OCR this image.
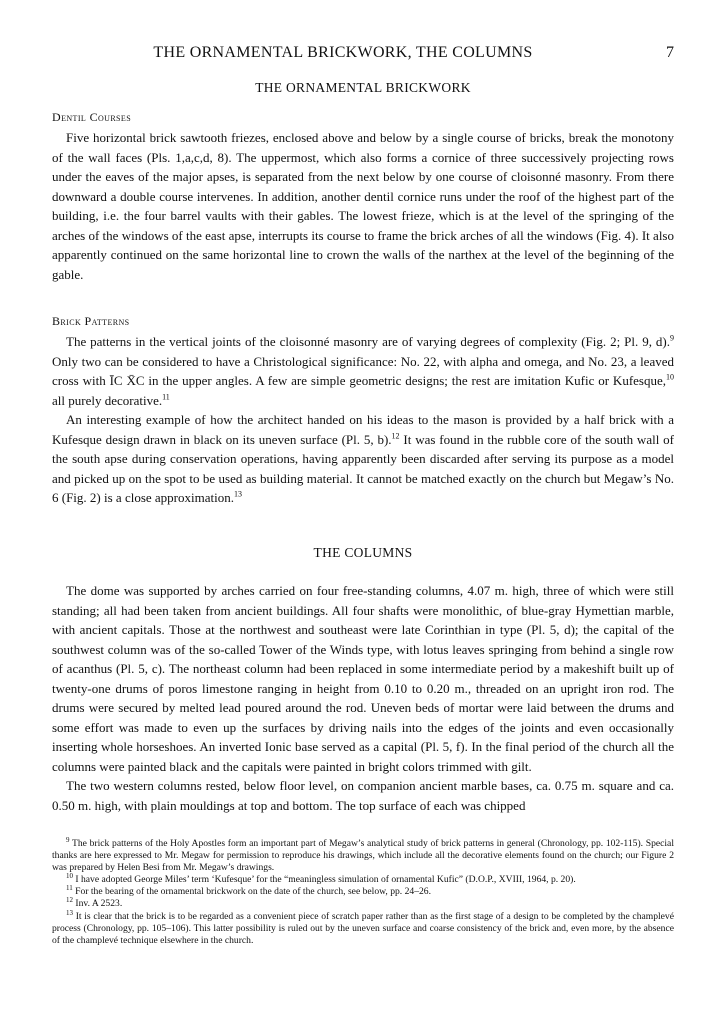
THE ORNAMENTAL BRICKWORK, THE COLUMNS	7
THE ORNAMENTAL BRICKWORK
Dentil Courses

Five horizontal brick sawtooth friezes, enclosed above and below by a single course of bricks, break the monotony of the wall faces (Pls. 1,a,c,d, 8). The uppermost, which also forms a cornice of three successively projecting rows under the eaves of the major apses, is separated from the next below by one course of cloisonné masonry. From there downward a double course intervenes. In addition, another dentil cornice runs under the roof of the highest part of the building, i.e. the four barrel vaults with their gables. The lowest frieze, which is at the level of the springing of the arches of the windows of the east apse, interrupts its course to frame the brick arches of all the windows (Fig. 4). It also apparently continued on the same horizontal line to crown the walls of the narthex at the level of the beginning of the gable.

Brick Patterns

The patterns in the vertical joints of the cloisonné masonry are of varying degrees of complexity (Fig. 2; Pl. 9, d).$^9$ Only two can be considered to have a Christological significance: No. 22, with alpha and omega, and No. 23, a leaved cross with ĪC X̄C in the upper angles. A few are simple geometric designs; the rest are imitation Kufic or Kufesque,$^{10}$ all purely decorative.$^{11}$

An interesting example of how the architect handed on his ideas to the mason is provided by a half brick with a Kufesque design drawn in black on its uneven surface (Pl. 5, b).$^{12}$ It was found in the rubble core of the south wall of the south apse during conservation operations, having apparently been discarded after serving its purpose as a model and picked up on the spot to be used as building material. It cannot be matched exactly on the church but Megaw’s No. 6 (Fig. 2) is a close approximation.$^{13}$

THE COLUMNS

The dome was supported by arches carried on four free-standing columns, 4.07 m. high, three of which were still standing; all had been taken from ancient buildings. All four shafts were monolithic, of blue-gray Hymettian marble, with ancient capitals. Those at the northwest and southeast were late Corinthian in type (Pl. 5, d); the capital of the southwest column was of the so-called Tower of the Winds type, with lotus leaves springing from behind a single row of acanthus (Pl. 5, c). The northeast column had been replaced in some intermediate period by a makeshift built up of twenty-one drums of poros limestone ranging in height from 0.10 to 0.20 m., threaded on an upright iron rod. The drums were secured by melted lead poured around the rod. Uneven beds of mortar were laid between the drums and some effort was made to even up the surfaces by driving nails into the edges of the joints and even occasionally inserting whole horseshoes. An inverted Ionic base served as a capital (Pl. 5, f). In the final period of the church all the columns were painted black and the capitals were painted in bright colors trimmed with gilt.

The two western columns rested, below floor level, on companion ancient marble bases, ca. 0.75 m. square and ca. 0.50 m. high, with plain mouldings at top and bottom. The top surface of each was chipped

$^9$ The brick patterns of the Holy Apostles form an important part of Megaw’s analytical study of brick patterns in general (Chronology, pp. 102-115). Special thanks are here expressed to Mr. Megaw for permission to reproduce his drawings, which include all the decorative elements found on the church; our Figure 2 was prepared by Helen Besi from Mr. Megaw’s drawings.

$^{10}$ I have adopted George Miles’ term ‘Kufesque’ for the “meaningless simulation of ornamental Kufic” (D.O.P., XVIII, 1964, p. 20).

$^{11}$ For the bearing of the ornamental brickwork on the date of the church, see below, pp. 24–26.

$^{12}$ Inv. A 2523.

$^{13}$ It is clear that the brick is to be regarded as a convenient piece of scratch paper rather than as the first stage of a design to be completed by the champlevé process (Chronology, pp. 105–106). This latter possibility is ruled out by the uneven surface and coarse consistency of the brick and, even more, by the absence of the champlevé technique elsewhere in the church.
